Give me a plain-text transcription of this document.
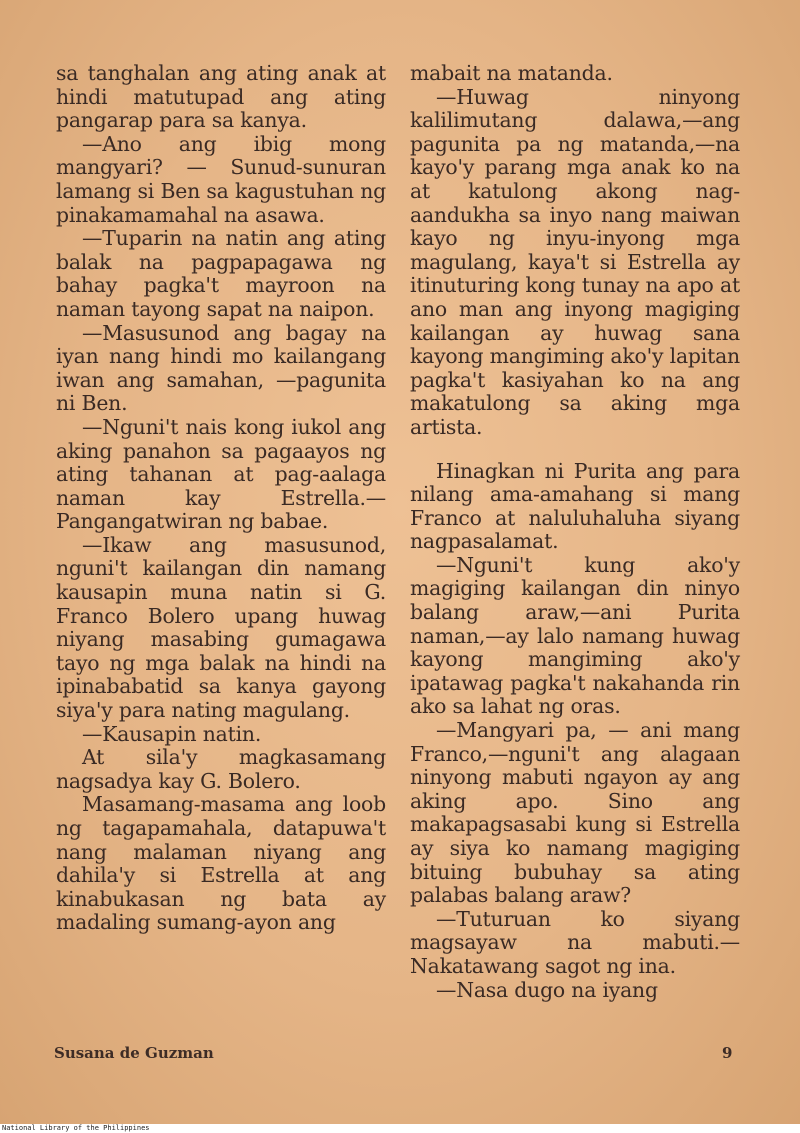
sa tanghalan ang ating anak at hindi matutupad ang ating pangarap para sa kanya.

—Ano ang ibig mong mangyari? — Sunud-sunuran lamang si Ben sa kagustuhan ng pinakamamahal na asawa.

—Tuparin na natin ang ating balak na pagpapagawa ng bahay pagka't mayroon na naman tayong sapat na naipon.

—Masusunod ang bagay na iyan nang hindi mo kailangang iwan ang samahan, —pagunita ni Ben.

—Nguni't nais kong iukol ang aking panahon sa pagaayos ng ating tahanan at pag-aalaga naman kay Estrella.—Pangangatwiran ng babae.

—Ikaw ang masusunod, nguni't kailangan din namang kausapin muna natin si G. Franco Bolero upang huwag niyang masabing gumagawa tayo ng mga balak na hindi na ipinababatid sa kanya gayong siya'y para nating magulang.

—Kausapin natin.

At sila'y magkasamang nagsadya kay G. Bolero.

Masamang-masama ang loob ng tagapamahala, datapuwa't nang malaman niyang ang dahila'y si Estrella at ang kinabukasan ng bata ay madaling sumang-ayon ang

mabait na matanda.

—Huwag ninyong kalilimutang dalawa,—ang pagunita pa ng matanda,—na kayo'y parang mga anak ko na at katulong akong nag-aandukha sa inyo nang maiwan kayo ng inyu-inyong mga magulang, kaya't si Estrella ay itinuturing kong tunay na apo at ano man ang inyong magiging kailangan ay huwag sana kayong mangiming ako'y lapitan pagka't kasiyahan ko na ang makatulong sa aking mga artista.

Hinagkan ni Purita ang para nilang ama-amahang si mang Franco at naluluhaluha siyang nagpasalamat.

—Nguni't kung ako'y magiging kailangan din ninyo balang araw,—ani Purita naman,—ay lalo namang huwag kayong mangiming ako'y ipatawag pagka't nakahanda rin ako sa lahat ng oras.

—Mangyari pa, — ani mang Franco,—nguni't ang alagaan ninyong mabuti ngayon ay ang aking apo. Sino ang makapagsasabi kung si Estrella ay siya ko namang magiging bituing bubuhay sa ating palabas balang araw?

—Tuturuan ko siyang magsayaw na mabuti.—Nakatawang sagot ng ina.

—Nasa dugo na iyang

Susana de Guzman	9
National Library of the Philippines
